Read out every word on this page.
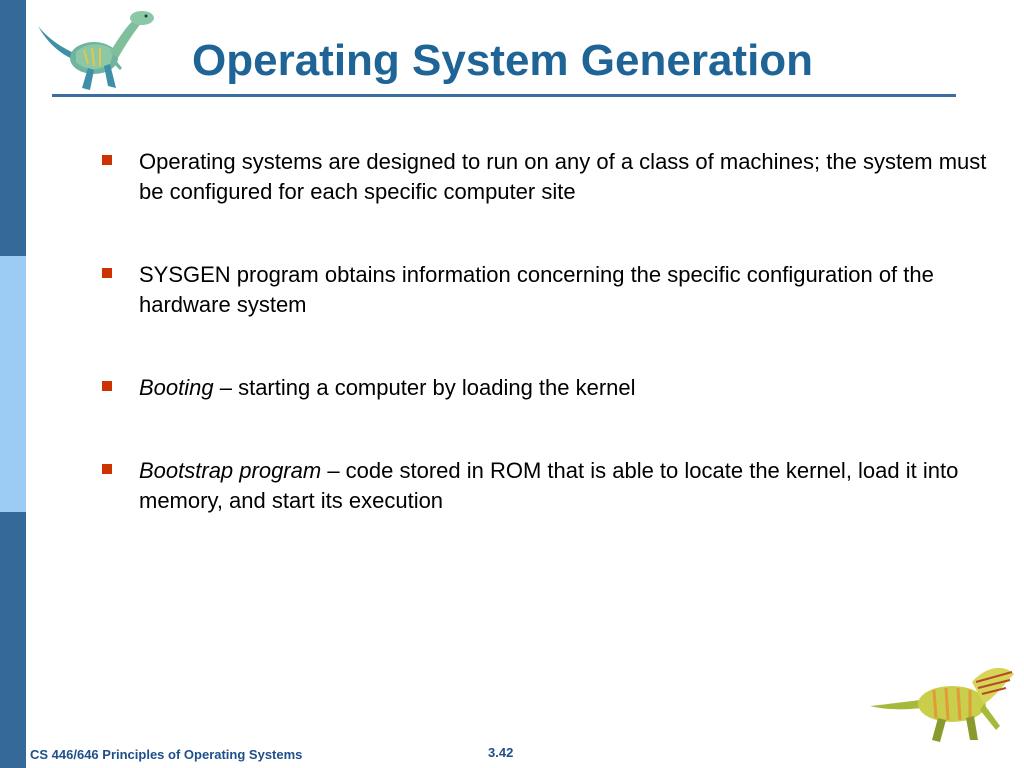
Operating System Generation
Operating systems are designed to run on any of a class of machines; the system must be configured for each specific computer site
SYSGEN program obtains information concerning the specific configuration of the hardware system
Booting – starting a computer by loading the kernel
Bootstrap program – code stored in ROM that is able to locate the kernel, load it into memory, and start its execution
CS 446/646 Principles of Operating Systems	3.42
